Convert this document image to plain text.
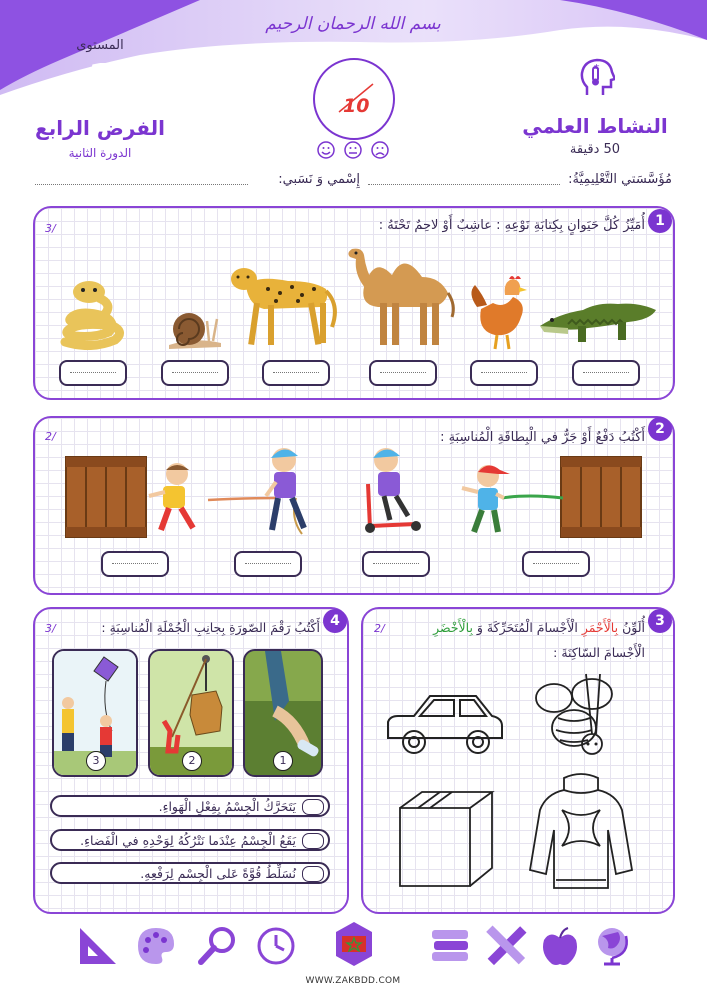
بسم الله الرحمان الرحيم
المستوى
1
الفرض الرابع
الدورة الثانية
±
النشاط العلمي
50 دقيقة
10
مُؤَسَّسَتي التَّعْلِيمِيَّةُ:
إِسْمي وَ نَسَبي:
1
/3	أُمَيِّزُ كُلَّ حَيَوانٍ بِكِتابَةِ نَوْعِهِ : عاشِبٌ أَوْ لاحِمٌ تَحْتَهُ :
2
/2	أَكْتُبُ دَفْعٌ أَوْ جَرٌّ في الْبِطاقَةِ الْمُناسِبَةِ :
3
/2	أُلَوِّنُ بِالْأَحْمَرِ الْأَجْسامَ الْمُتَحَرِّكَةَ وَ بِالْأَخْضَرِ
الْأَجْسامَ السّاكِنَةَ :
4
/3	أَكْتُبُ رَقْمَ الصّورَةِ بِجانِبِ الْجُمْلَةِ الْمُناسِبَةِ :
1
2
3
يَتَحَرَّكُ الْجِسْمُ بِفِعْلِ الْهَواءِ.
يَقَعُ الْجِسْمُ عِنْدَما نَتْرُكُهُ لِوَحْدِهِ في الْفَضاءِ.
نُسَلِّطُ قُوَّةً عَلى الْجِسْمِ لِرَفْعِهِ.
WWW.ZAKBDD.COM
